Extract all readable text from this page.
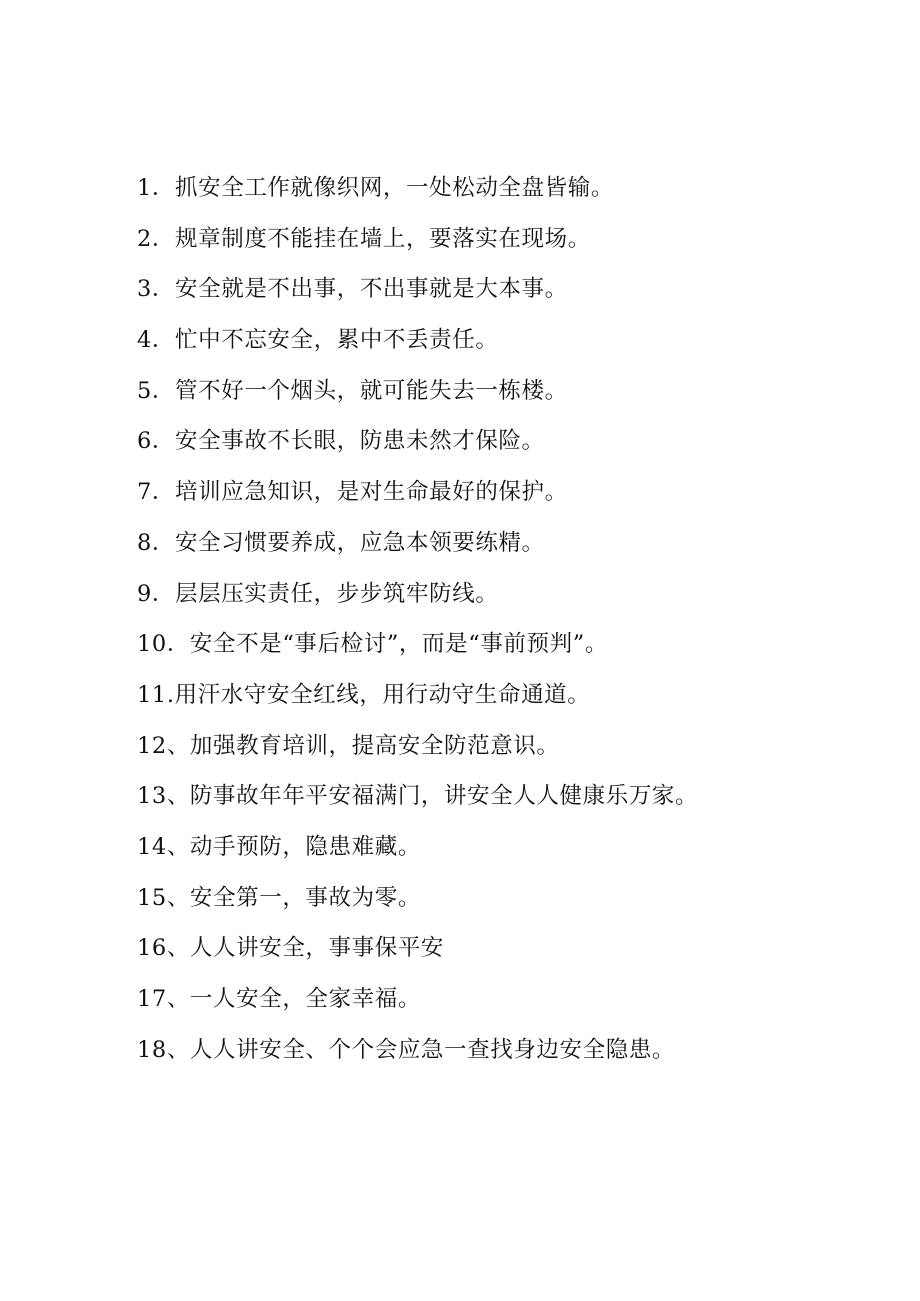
1．抓安全工作就像织网，一处松动全盘皆输。
2．规章制度不能挂在墙上，要落实在现场。
3．安全就是不出事，不出事就是大本事。
4．忙中不忘安全，累中不丢责任。
5．管不好一个烟头，就可能失去一栋楼。
6．安全事故不长眼，防患未然才保险。
7．培训应急知识，是对生命最好的保护。
8．安全习惯要养成，应急本领要练精。
9．层层压实责任，步步筑牢防线。
10．安全不是“事后检讨”，而是“事前预判”。
11.用汗水守安全红线，用行动守生命通道。
12、加强教育培训，提高安全防范意识。
13、防事故年年平安福满门，讲安全人人健康乐万家。
14、动手预防，隐患难藏。
15、安全第一，事故为零。
16、人人讲安全，事事保平安
17、一人安全，全家幸福。
18、人人讲安全、个个会应急一查找身边安全隐患。
